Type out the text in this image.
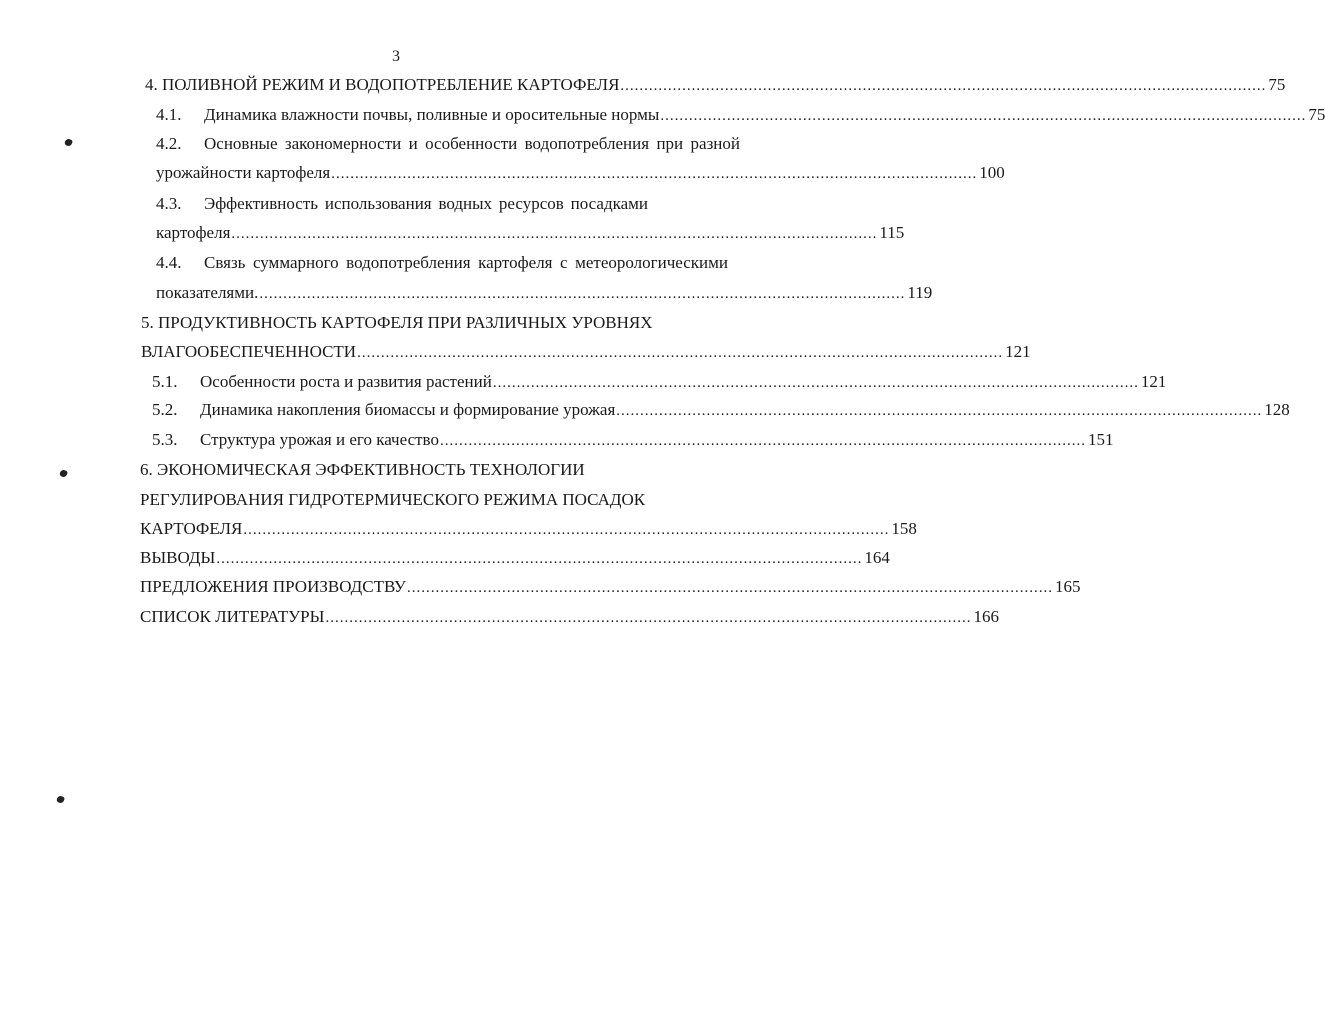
3
4. ПОЛИВНОЙ РЕЖИМ И ВОДОПОТРЕБЛЕНИЕ КАРТОФЕЛЯ ........................................................................................................................................ 75
4.1.	Динамика влажности почвы, поливные и оросительные нормы ........................................................................................................................................ 75
4.2.	Основные закономерности и особенности водопотребления при разной
урожайности картофеля ........................................................................................................................................ 100
4.3.	Эффективность использования водных ресурсов посадками
картофеля ........................................................................................................................................ 115
4.4.	Связь суммарного водопотребления картофеля с метеорологическими
показателями. ........................................................................................................................................ 119
5. ПРОДУКТИВНОСТЬ КАРТОФЕЛЯ ПРИ РАЗЛИЧНЫХ УРОВНЯХ
ВЛАГООБЕСПЕЧЕННОСТИ ........................................................................................................................................ 121
5.1.	Особенности роста и развития растений ........................................................................................................................................ 121
5.2.	Динамика накопления биомассы и формирование урожая ........................................................................................................................................ 128
5.3.	Структура урожая и его качество ........................................................................................................................................ 151
6. ЭКОНОМИЧЕСКАЯ ЭФФЕКТИВНОСТЬ ТЕХНОЛОГИИ
РЕГУЛИРОВАНИЯ ГИДРОТЕРМИЧЕСКОГО РЕЖИМА ПОСАДОК
КАРТОФЕЛЯ ........................................................................................................................................ 158
ВЫВОДЫ ........................................................................................................................................ 164
ПРЕДЛОЖЕНИЯ ПРОИЗВОДСТВУ ........................................................................................................................................ 165
СПИСОК ЛИТЕРАТУРЫ ........................................................................................................................................ 166
